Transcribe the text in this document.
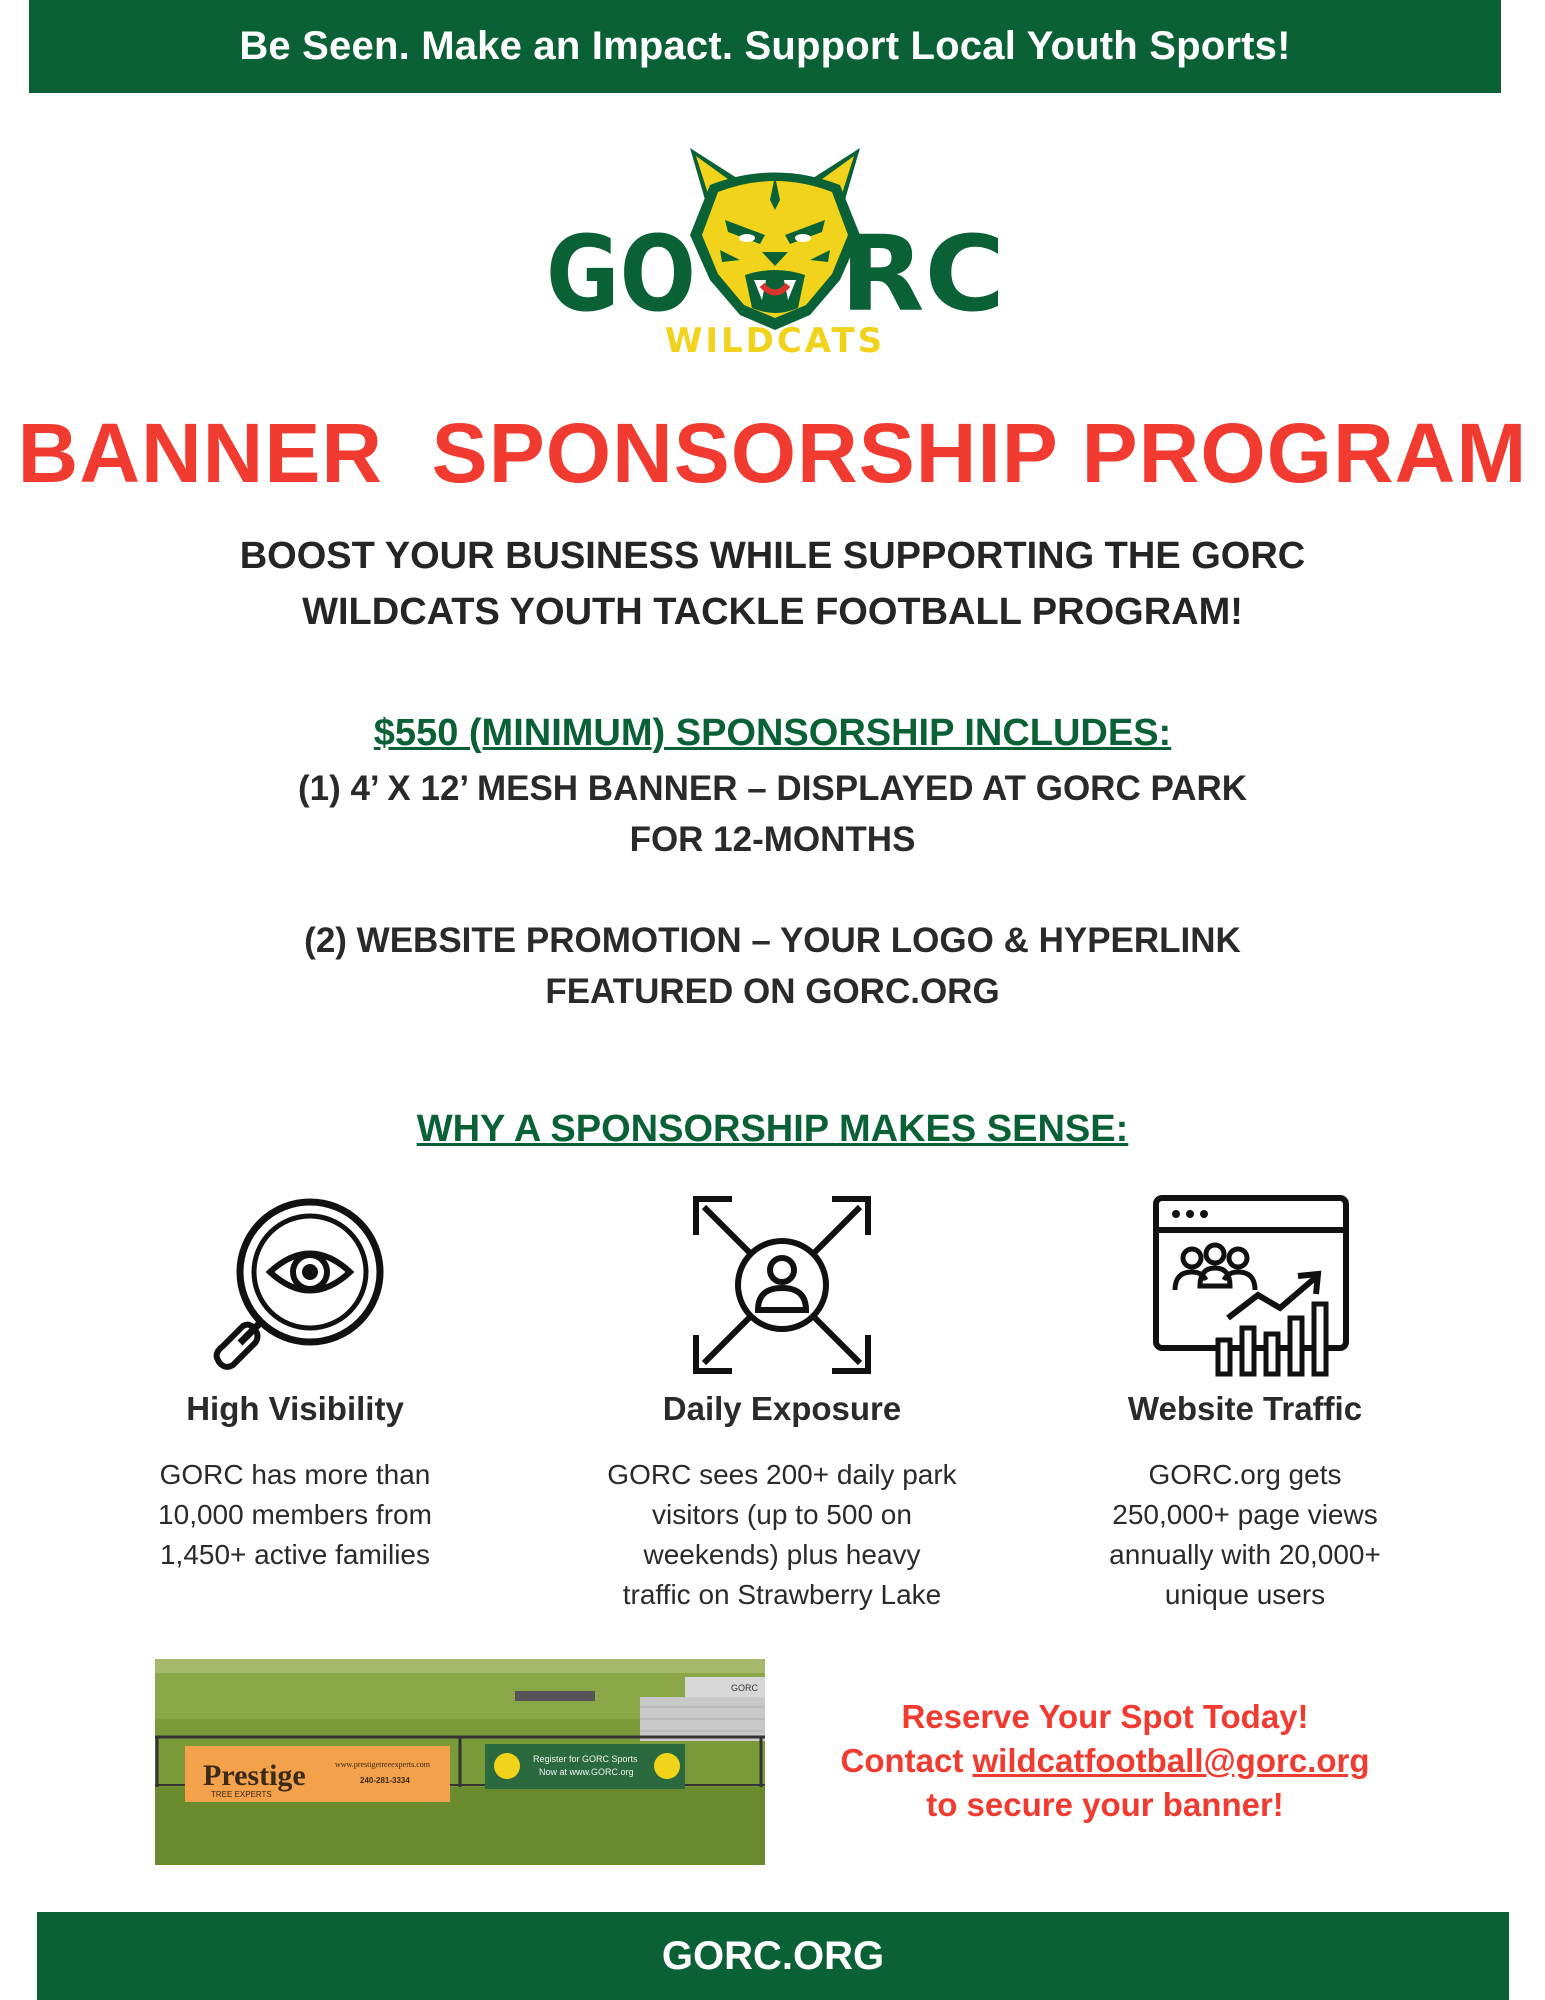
Be Seen. Make an Impact. Support Local Youth Sports!
GO RC
WILDCATS
BANNER  SPONSORSHIP PROGRAM
BOOST YOUR BUSINESS WHILE SUPPORTING THE GORC
WILDCATS YOUTH TACKLE FOOTBALL PROGRAM!
$550 (MINIMUM) SPONSORSHIP INCLUDES:
(1) 4’ X 12’ MESH BANNER – DISPLAYED AT GORC PARK
FOR 12-MONTHS
(2) WEBSITE PROMOTION – YOUR LOGO & HYPERLINK
FEATURED ON GORC.ORG
WHY A SPONSORSHIP MAKES SENSE:
High Visibility
GORC has more than
10,000 members from
1,450+ active families
Daily Exposure
GORC sees 200+ daily park
visitors (up to 500 on
weekends) plus heavy
traffic on Strawberry Lake
Website Traffic
GORC.org gets
250,000+ page views
annually with 20,000+
unique users
GORC
Prestige
TREE EXPERTS
www.prestigetreeexperts.com
240-281-3334
Register for GORC Sports
Now at www.GORC.org
Reserve Your Spot Today!
Contact wildcatfootball@gorc.org
to secure your banner!
GORC.ORG
